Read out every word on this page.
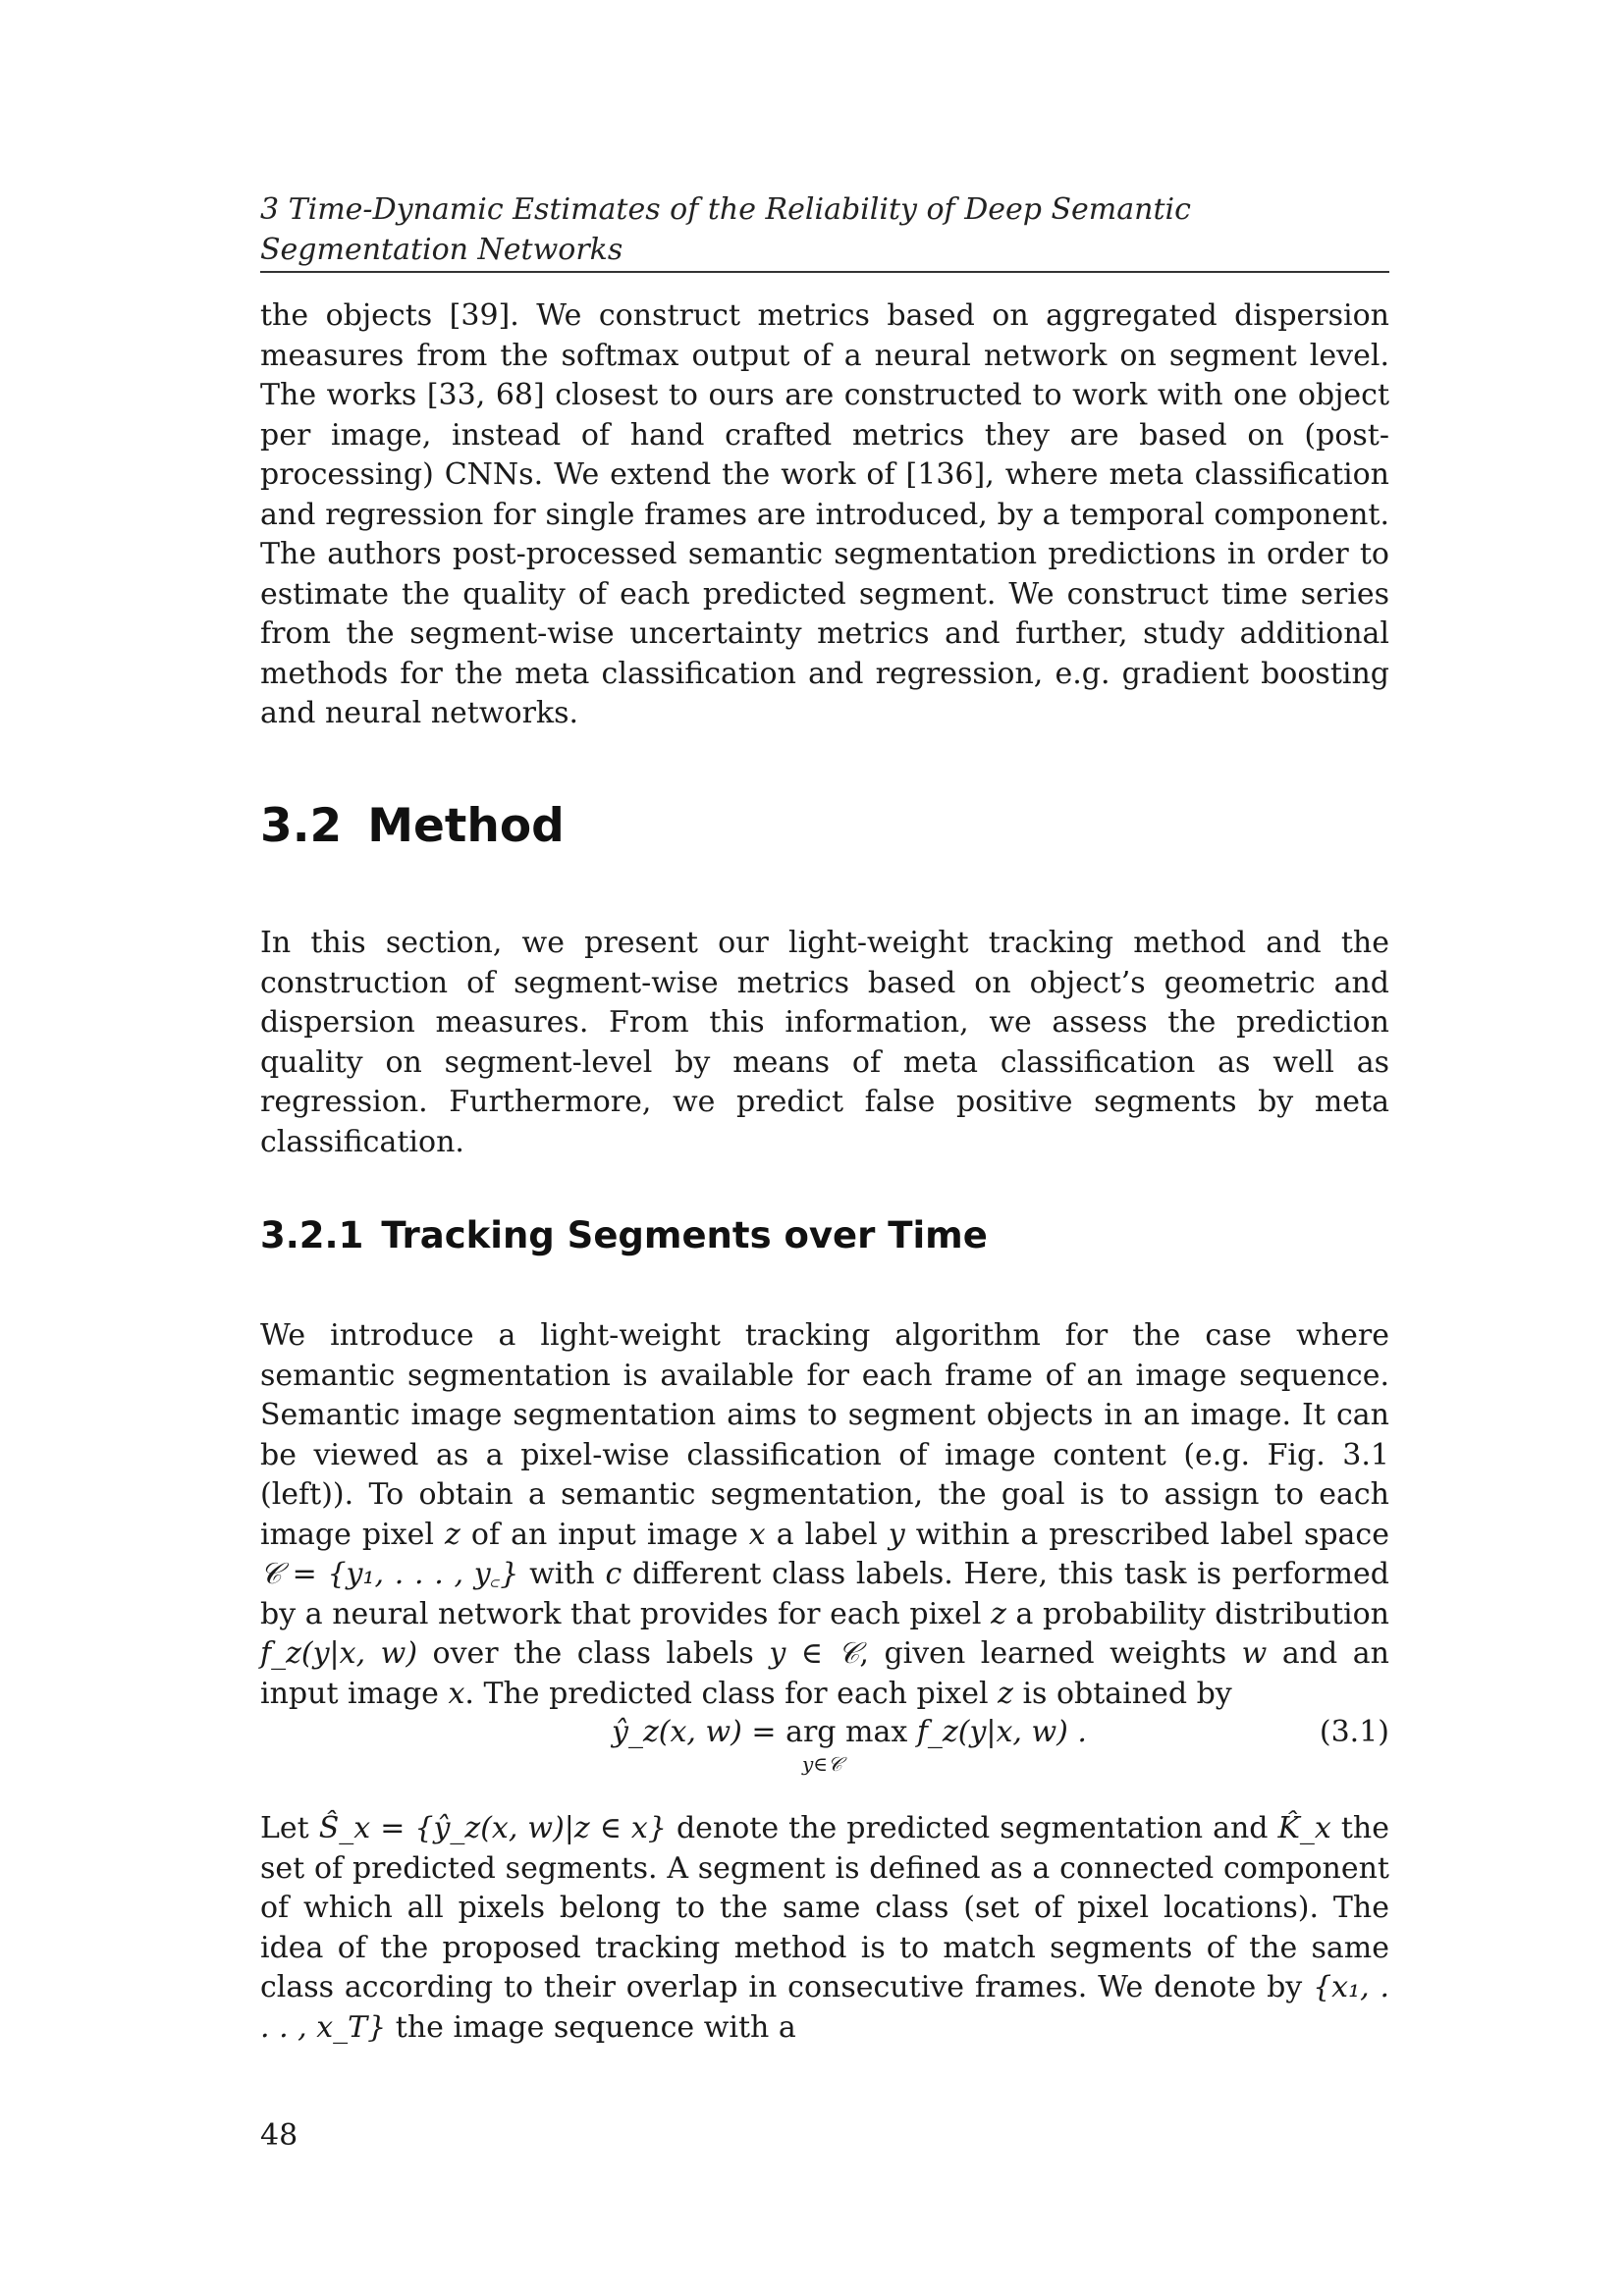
3 Time-Dynamic Estimates of the Reliability of Deep Semantic Segmentation Networks

the objects [39]. We construct metrics based on aggregated dispersion measures from the softmax output of a neural network on segment level. The works [33, 68] closest to ours are constructed to work with one object per image, instead of hand crafted metrics they are based on (post-processing) CNNs. We extend the work of [136], where meta classification and regression for single frames are introduced, by a temporal component. The authors post-processed semantic segmentation predictions in order to estimate the quality of each predicted segment. We construct time series from the segment-wise uncertainty metrics and further, study additional methods for the meta classification and regression, e.g. gradient boosting and neural networks.

3.2 Method

In this section, we present our light-weight tracking method and the construction of segment-wise metrics based on object’s geometric and dispersion measures. From this information, we assess the prediction quality on segment-level by means of meta classification as well as regression. Furthermore, we predict false positive segments by meta classification.

3.2.1 Tracking Segments over Time

We introduce a light-weight tracking algorithm for the case where semantic segmentation is available for each frame of an image sequence. Semantic image segmentation aims to segment objects in an image. It can be viewed as a pixel-wise classification of image content (e.g. Fig. 3.1 (left)). To obtain a semantic segmentation, the goal is to assign to each image pixel z of an input image x a label y within a prescribed label space 𝒞 = {y₁, . . . , y꜀} with c different class labels. Here, this task is performed by a neural network that provides for each pixel z a probability distribution f_z(y|x, w) over the class labels y ∈ 𝒞, given learned weights w and an input image x. The predicted class for each pixel z is obtained by

ŷ_z(x, w) = arg max f_z(y|x, w) .
y∈𝒞
(3.1)

Let Ŝ_x = {ŷ_z(x, w)|z ∈ x} denote the predicted segmentation and K̂_x the set of predicted segments. A segment is defined as a connected component of which all pixels belong to the same class (set of pixel locations). The idea of the proposed tracking method is to match segments of the same class according to their overlap in consecutive frames. We denote by {x₁, . . . , x_T} the image sequence with a

48
